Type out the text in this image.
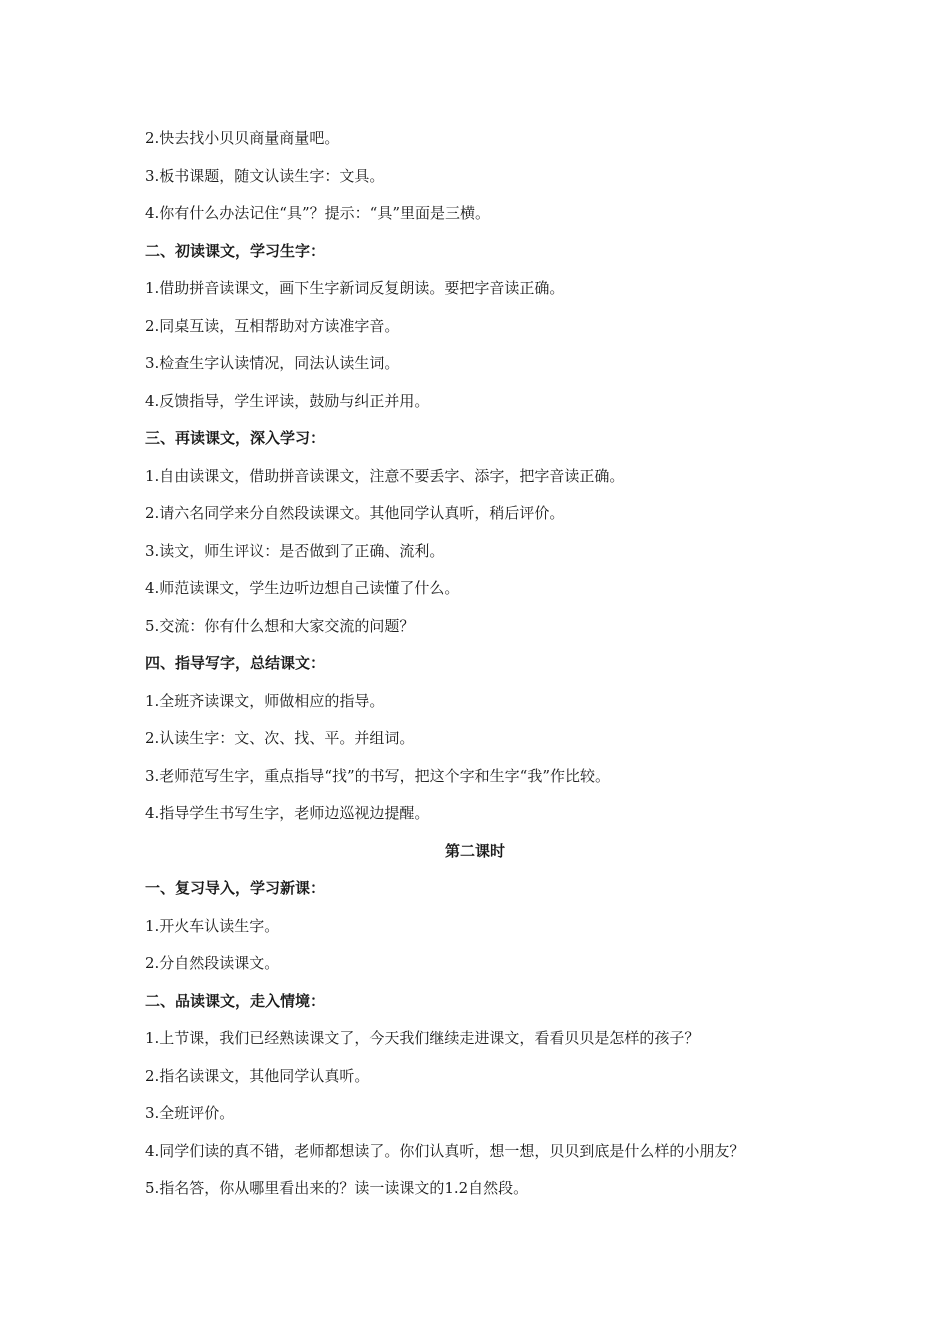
2.快去找小贝贝商量商量吧。
3.板书课题，随文认读生字：文具。
4.你有什么办法记住“具”？提示：“具”里面是三横。
二、初读课文，学习生字：
1.借助拼音读课文，画下生字新词反复朗读。要把字音读正确。
2.同桌互读，互相帮助对方读准字音。
3.检查生字认读情况，同法认读生词。
4.反馈指导，学生评读，鼓励与纠正并用。
三、再读课文，深入学习：
1.自由读课文，借助拼音读课文，注意不要丢字、添字，把字音读正确。
2.请六名同学来分自然段读课文。其他同学认真听，稍后评价。
3.读文，师生评议：是否做到了正确、流利。
4.师范读课文，学生边听边想自己读懂了什么。
5.交流：你有什么想和大家交流的问题？
四、指导写字，总结课文：
1.全班齐读课文，师做相应的指导。
2.认读生字：文、次、找、平。并组词。
3.老师范写生字，重点指导“找”的书写，把这个字和生字“我”作比较。
4.指导学生书写生字，老师边巡视边提醒。
第二课时
一、复习导入，学习新课：
1.开火车认读生字。
2.分自然段读课文。
二、品读课文，走入情境：
1.上节课，我们已经熟读课文了，今天我们继续走进课文，看看贝贝是怎样的孩子？
2.指名读课文，其他同学认真听。
3.全班评价。
4.同学们读的真不错，老师都想读了。你们认真听，想一想，贝贝到底是什么样的小朋友？
5.指名答，你从哪里看出来的？读一读课文的1.2自然段。
